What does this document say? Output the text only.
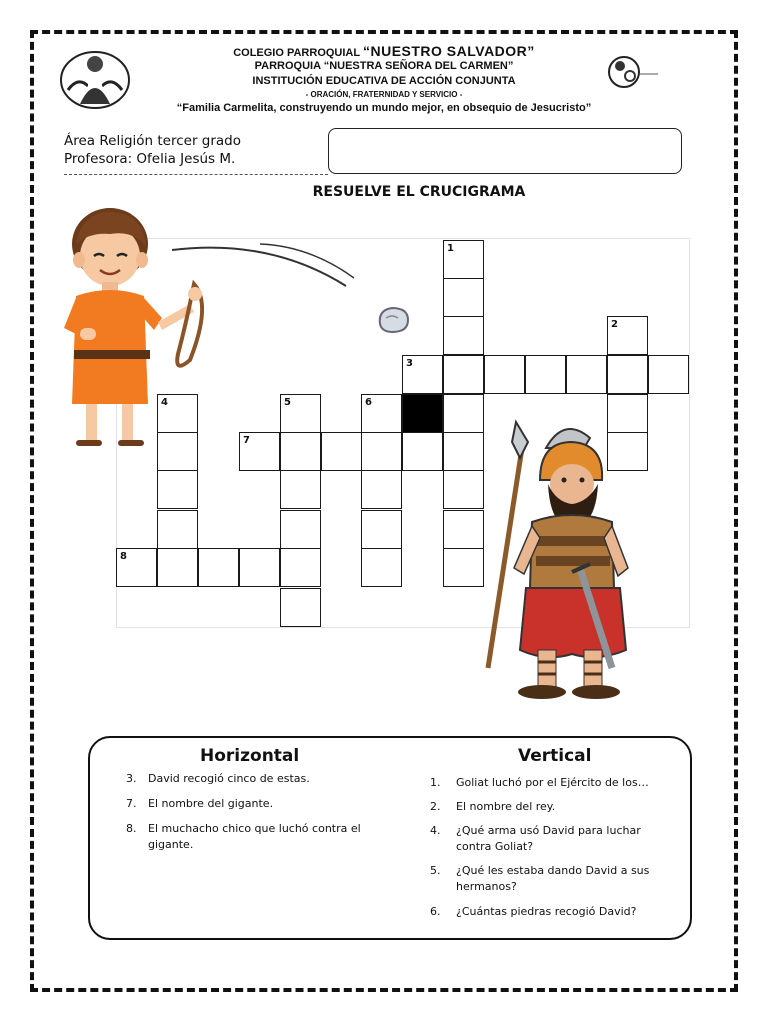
COLEGIO PARROQUIAL “NUESTRO SALVADOR”
PARROQUIA “NUESTRA SEÑORA DEL CARMEN”
INSTITUCIÓN EDUCATIVA DE ACCIÓN CONJUNTA
- ORACIÓN, FRATERNIDAD Y SERVICIO -
“Familia Carmelita, construyendo un mundo mejor, en obsequio de Jesucristo”
Área Religión tercer grado
Profesora: Ofelia Jesús M.
RESUELVE EL CRUCIGRAMA
1
2
3
4	5	6
7
8
Horizontal	Vertical
3. David recogió cinco de estas.
7. El nombre del gigante.
8. El muchacho chico que luchó contra el gigante.
1. Goliat luchó por el Ejército de los…
2. El nombre del rey.
4. ¿Qué arma usó David para luchar contra Goliat?
5. ¿Qué les estaba dando David a sus hermanos?
6. ¿Cuántas piedras recogió David?
